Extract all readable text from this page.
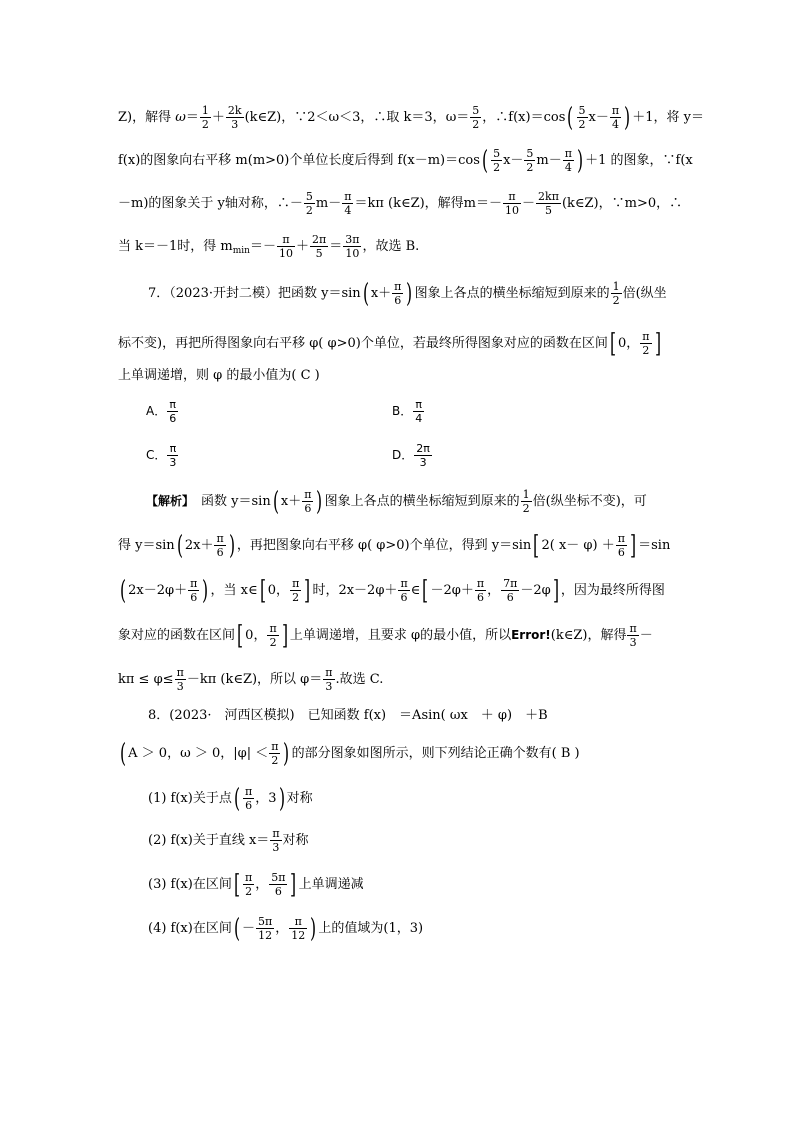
Z)，解得 $\omega= \frac{1}{2} + \frac{2k}{3}$ (k∈Z)，∵2＜ω＜3，∴取 k＝3，$\omega= \frac{5}{2}$ ，∴f(x)＝cos( $\frac{5}{2} x- \frac{\pi}{4}$ ) ＋1，将 y＝
f(x)的图象向右平移 m(m>0)个单位长度后得到 $f(x-m)=\cos( \frac{5}{2} x- \frac{5}{2} m- \frac{\pi}{4}$ ) ＋1 的图象，∵f(x
－m)的图象关于 y轴对称，∴－ $\frac{5}{2} m- \frac{\pi}{4} =k\pi$ (k∈Z)，解得$m=- \frac{\pi}{10} - \frac{2k\pi}{5}$ (k∈Z)，∵m>0，∴
当 k＝－1时，得 $m_{min}=- \frac{\pi}{10} + \frac{2\pi}{5} = \frac{3\pi}{10}$ ，故选 B.
7．（2023·开封二模）把函数 y＝sin( $x+ \frac{\pi}{6}$ ) 图象上各点的横坐标缩短到原来的 $\frac{1}{2}$ 倍(纵坐
标不变)，再把所得图象向右平移 φ( φ>0)个单位，若最终所得图象对应的函数在区间[ 0， $\frac{\pi}{2}$ ]
上单调递增，则 φ 的最小值为( C )
A． $\frac{\pi}{6}$	B． $\frac{\pi}{4}$
C． $\frac{\pi}{3}$	D． $\frac{2\pi}{3}$
【解析】　 函数 y＝sin( $x+ \frac{\pi}{6}$ ) 图象上各点的横坐标缩短到原来的 $\frac{1}{2}$ 倍(纵坐标不变)，可
得 y＝sin( $2x+ \frac{\pi}{6}$ ) ，再把图象向右平移 φ( φ>0)个单位，得到 y＝sin[ 2( $x- \varphi) + \frac{\pi}{6}$ ] ＝sin
( $2x-2\varphi+ \frac{\pi}{6}$ ) ，当 x∈[ 0， $\frac{\pi}{2}$ ] 时，$2x-2\varphi+ \frac{\pi}{6}$ ∈[ $-2\varphi+ \frac{\pi}{6}$ ， $\frac{7\pi}{6} -2\varphi$] ，因为最终所得图
象对应的函数在区间[ 0， $\frac{\pi}{2}$ ] 上单调递增，且要求 φ的最小值，所以Error!(k∈Z)，解得 $\frac{\pi}{3}$ －
$k\pi \le \varphi\le \frac{\pi}{3} -k\pi$ (k∈Z)，所以 $\varphi= \frac{\pi}{3}$ .故选 C.
8．(2023·　河西区模拟)　已知函数 f(x)　＝Asin( ωx　＋ φ)　＋B
( A ＞ 0，ω ＞ 0，$|\varphi| < \frac{\pi}{2}$ ) 的部分图象如图所示，则下列结论正确个数有( B )
(1) f(x)关于点( $\frac{\pi}{6}$ ，3) 对称
(2) f(x)关于直线 $x= \frac{\pi}{3}$ 对称
(3) f(x)在区间[ $\frac{\pi}{2}$ ， $\frac{5\pi}{6}$ ] 上单调递减
(4) f(x)在区间( － $\frac{5\pi}{12}$ ， $\frac{\pi}{12}$ ) 上的值域为(1，3)
